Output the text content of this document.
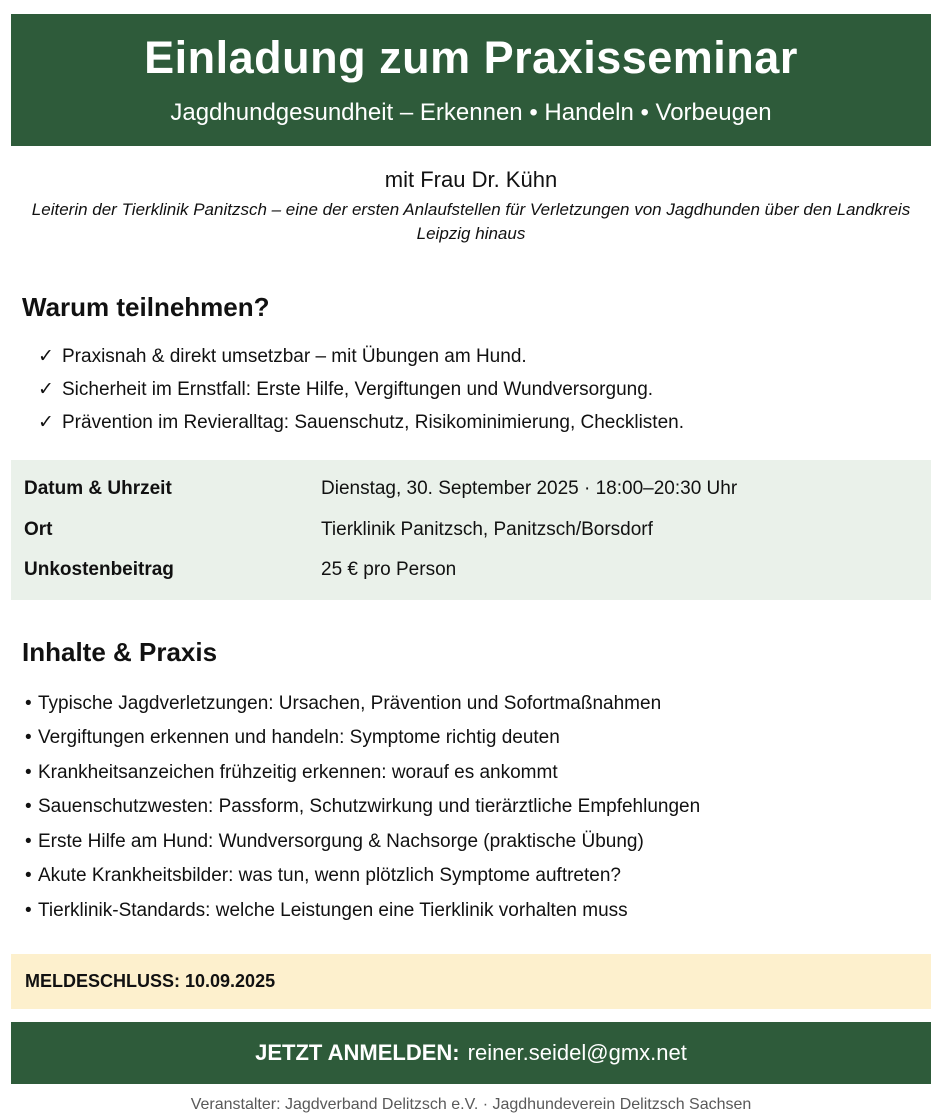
Einladung zum Praxisseminar
Jagdhundgesundheit – Erkennen • Handeln • Vorbeugen
mit Frau Dr. Kühn
Leiterin der Tierklinik Panitzsch – eine der ersten Anlaufstellen für Verletzungen von Jagdhunden über den Landkreis Leipzig hinaus
Warum teilnehmen?
✓ Praxisnah & direkt umsetzbar – mit Übungen am Hund.
✓ Sicherheit im Ernstfall: Erste Hilfe, Vergiftungen und Wundversorgung.
✓ Prävention im Revieralltag: Sauenschutz, Risikominimierung, Checklisten.
Datum & Uhrzeit	Dienstag, 30. September 2025 · 18:00–20:30 Uhr
Ort	Tierklinik Panitzsch, Panitzsch/Borsdorf
Unkostenbeitrag	25 € pro Person
Inhalte & Praxis
• Typische Jagdverletzungen: Ursachen, Prävention und Sofortmaßnahmen
• Vergiftungen erkennen und handeln: Symptome richtig deuten
• Krankheitsanzeichen frühzeitig erkennen: worauf es ankommt
• Sauenschutzwesten: Passform, Schutzwirkung und tierärztliche Empfehlungen
• Erste Hilfe am Hund: Wundversorgung & Nachsorge (praktische Übung)
• Akute Krankheitsbilder: was tun, wenn plötzlich Symptome auftreten?
• Tierklinik-Standards: welche Leistungen eine Tierklinik vorhalten muss
MELDESCHLUSS: 10.09.2025
JETZT ANMELDEN: reiner.seidel@gmx.net
Veranstalter: Jagdverband Delitzsch e.V. · Jagdhundeverein Delitzsch Sachsen
